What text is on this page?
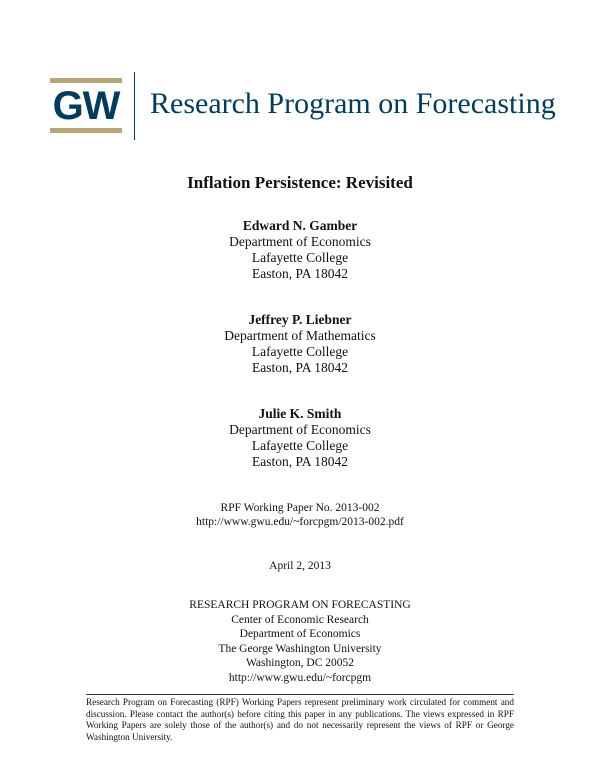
GW Research Program on Forecasting
Inflation Persistence: Revisited
Edward N. Gamber
Department of Economics
Lafayette College
Easton, PA 18042
Jeffrey P. Liebner
Department of Mathematics
Lafayette College
Easton, PA 18042
Julie K. Smith
Department of Economics
Lafayette College
Easton, PA 18042
RPF Working Paper No. 2013-002
http://www.gwu.edu/~forcpgm/2013-002.pdf
April 2, 2013
RESEARCH PROGRAM ON FORECASTING
Center of Economic Research
Department of Economics
The George Washington University
Washington, DC 20052
http://www.gwu.edu/~forcpgm
Research Program on Forecasting (RPF) Working Papers represent preliminary work circulated for comment and discussion. Please contact the author(s) before citing this paper in any publications. The views expressed in RPF Working Papers are solely those of the author(s) and do not necessarily represent the views of RPF or George Washington University.
